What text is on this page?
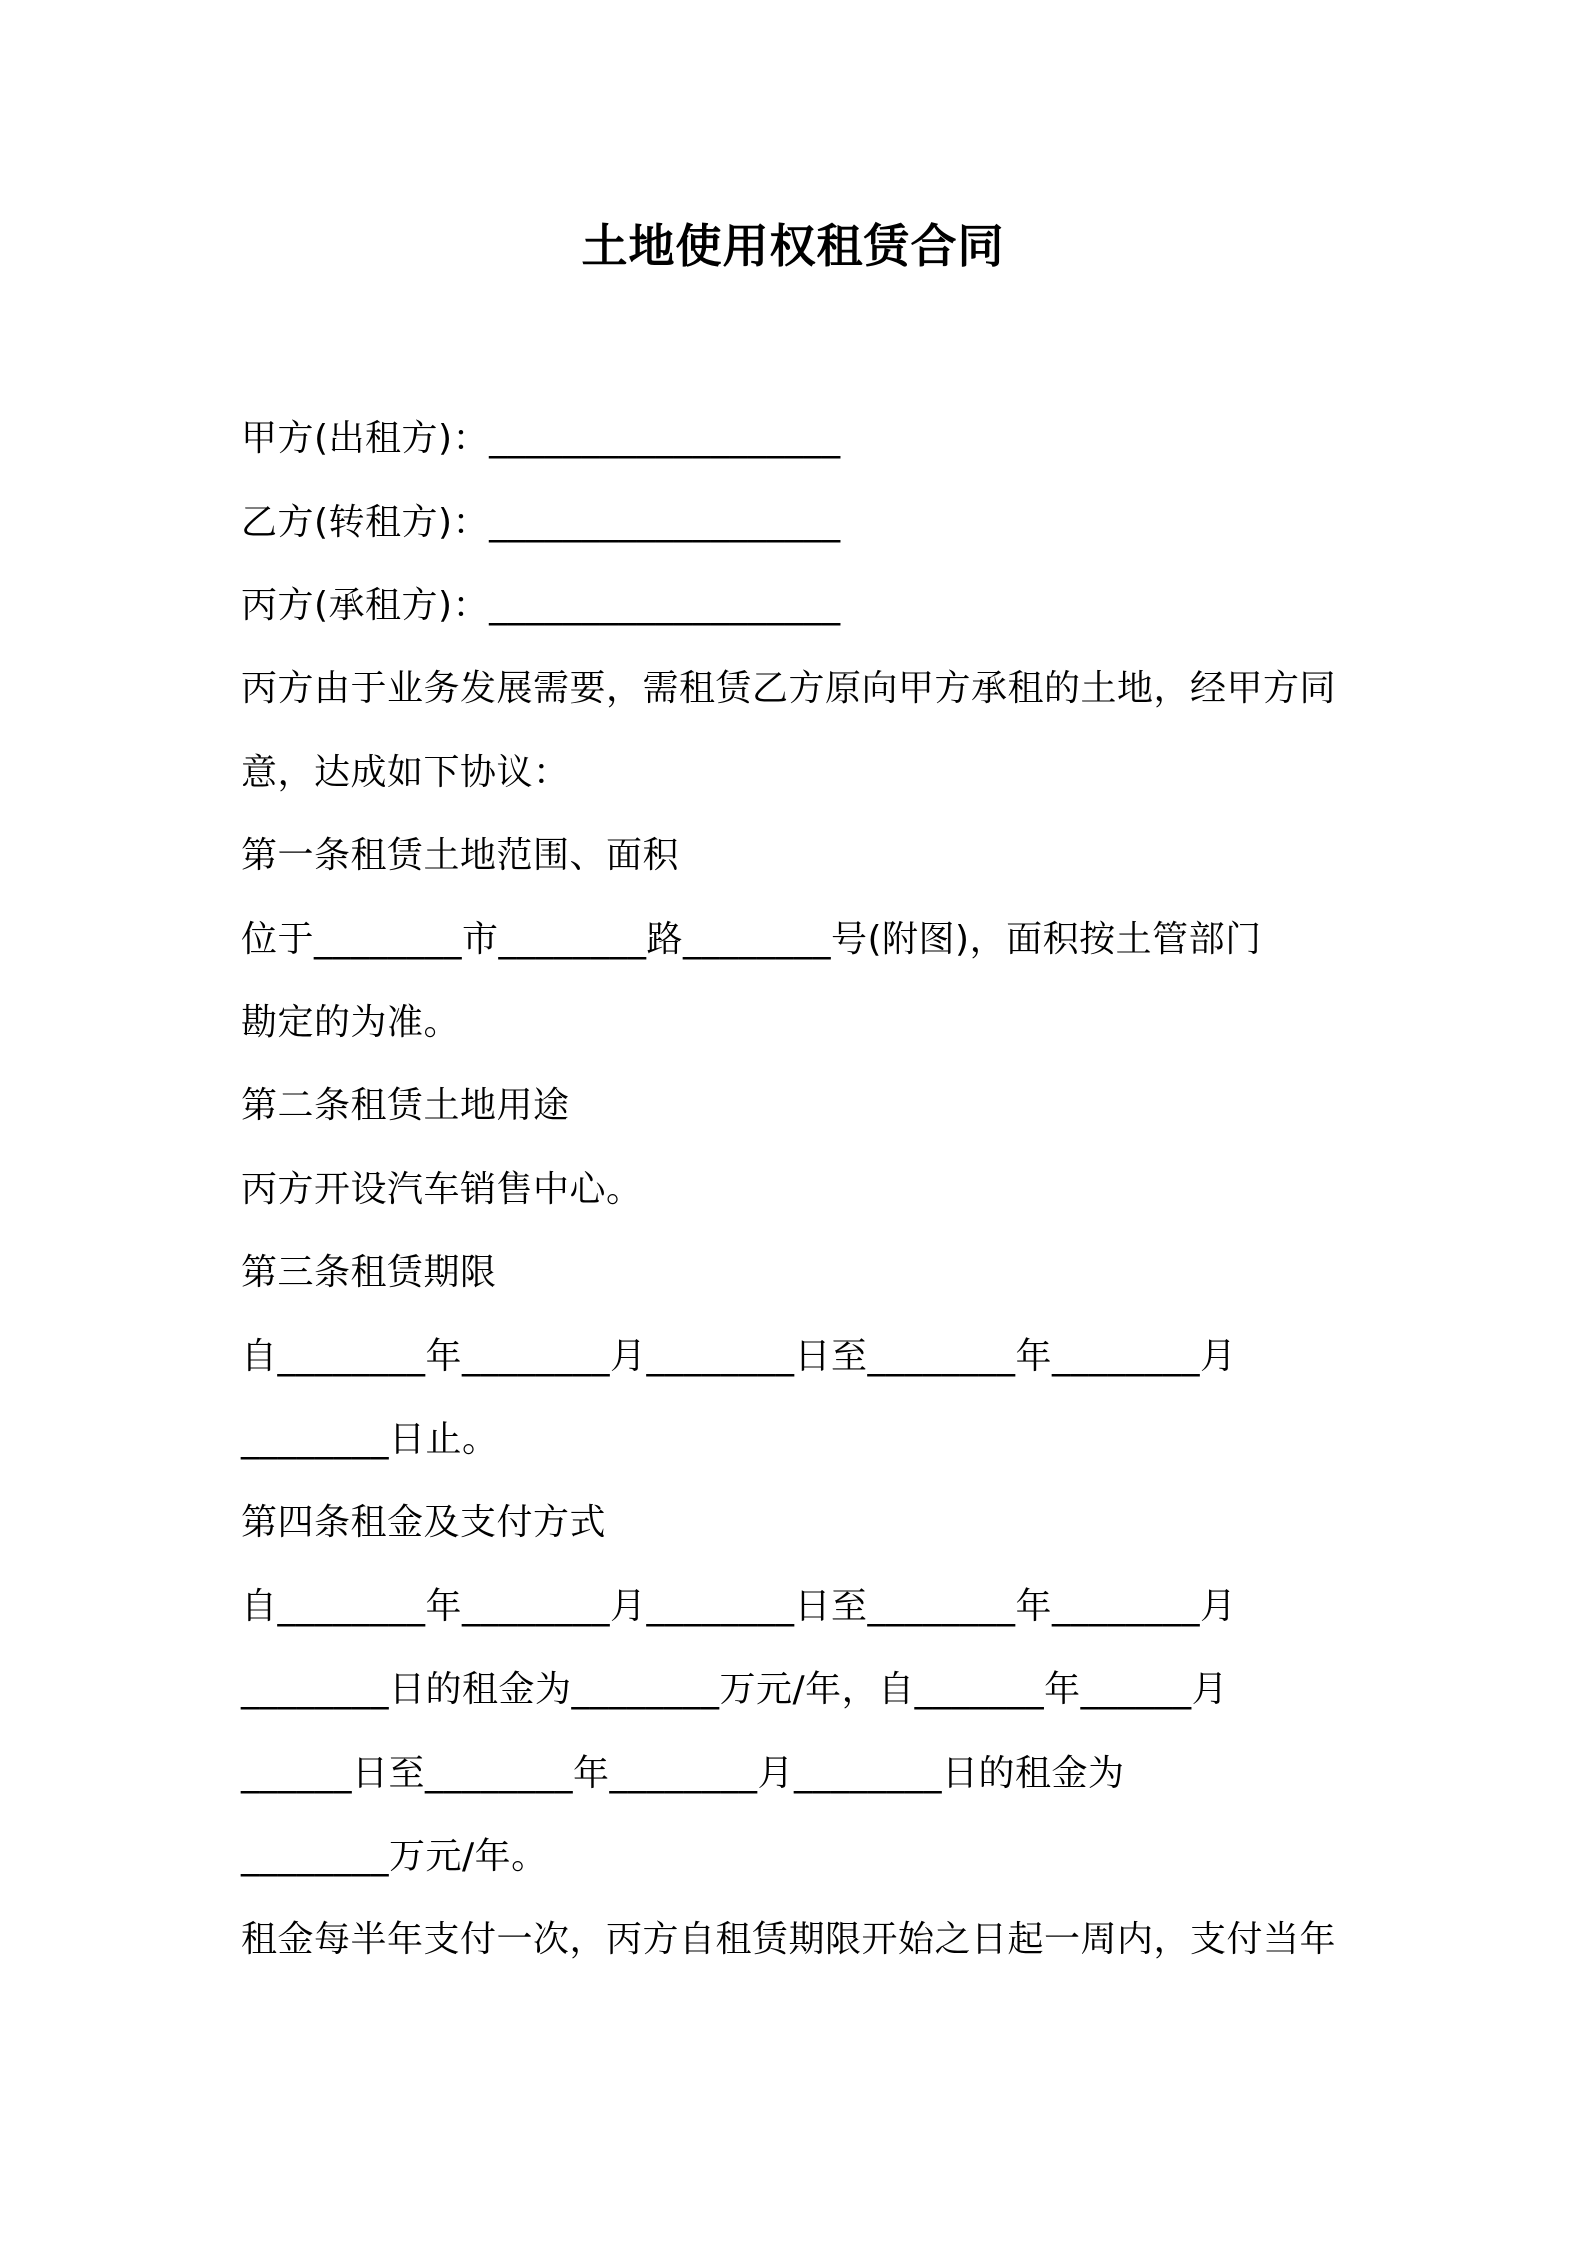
土地使用权租赁合同
甲方(出租方)：___________________
乙方(转租方)：___________________
丙方(承租方)：___________________
丙方由于业务发展需要，需租赁乙方原向甲方承租的土地，经甲方同
意，达成如下协议：
第一条租赁土地范围、面积
位于________市________路________号(附图)，面积按土管部门
勘定的为准。
第二条租赁土地用途
丙方开设汽车销售中心。
第三条租赁期限
自________年________月________日至________年________月
________日止。
第四条租金及支付方式
自________年________月________日至________年________月
________日的租金为________万元/年，自_______年______月
______日至________年________月________日的租金为
________万元/年。
租金每半年支付一次，丙方自租赁期限开始之日起一周内，支付当年
